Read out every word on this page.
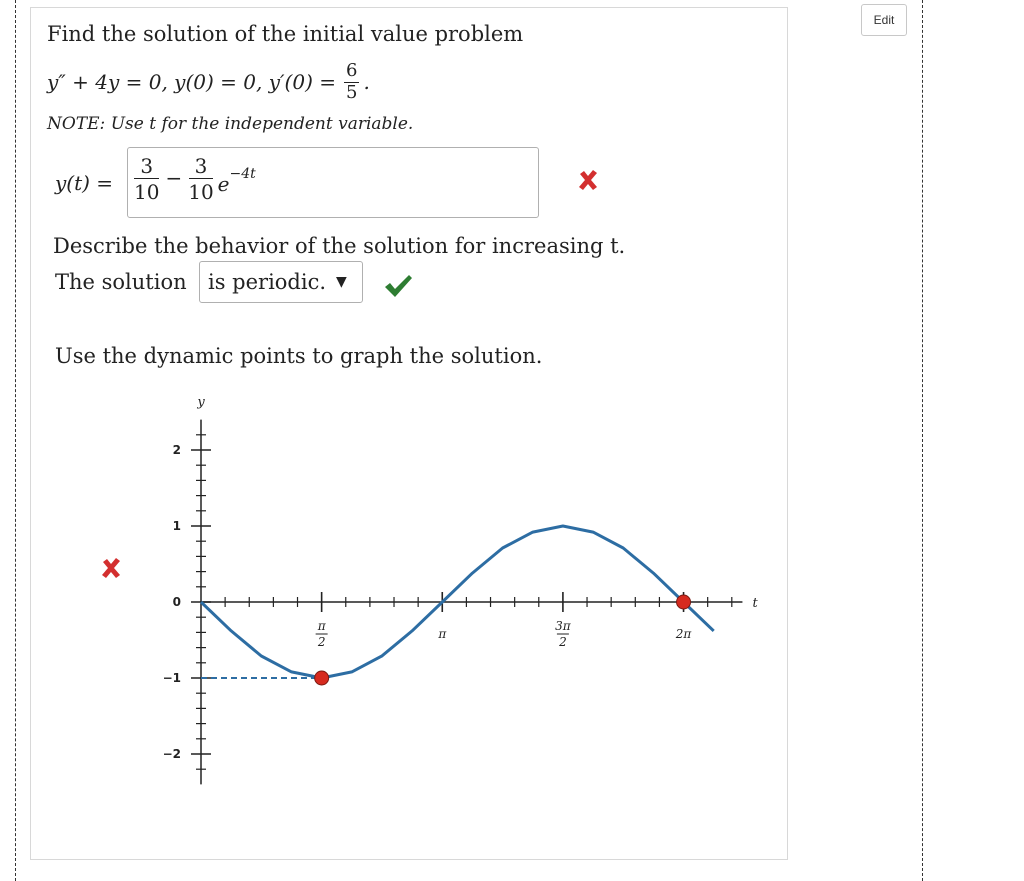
Edit
Find the solution of the initial value problem
y″ + 4y = 0, y(0) = 0, $y'(0) = \frac{6}{5}$ .
NOTE: Use t for the independent variable.
$y(t) = \frac{3}{10} - \frac{3}{10}$ e −4t
Describe the behavior of the solution for increasing t.
The solution is periodic. ▼
Use the dynamic points to graph the solution.
y
t
2
1
0
−1
−2
π
2
π
3π
2
2π
